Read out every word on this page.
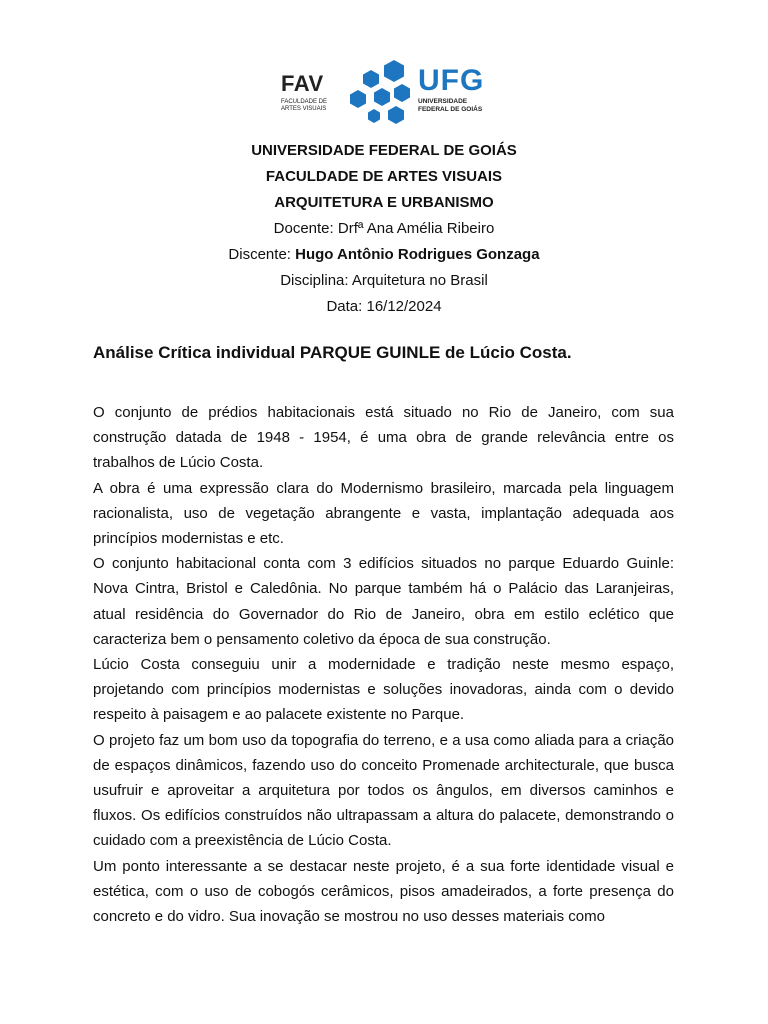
FAV
FACULDADE DE
ARTES VISUAIS
UFG
UNIVERSIDADE
FEDERAL DE GOIÁS
UNIVERSIDADE FEDERAL DE GOIÁS
FACULDADE DE ARTES VISUAIS
ARQUITETURA E URBANISMO
Docente: Drfª Ana Amélia Ribeiro
Discente: Hugo Antônio Rodrigues Gonzaga
Disciplina: Arquitetura no Brasil
Data: 16/12/2024
Análise Crítica individual PARQUE GUINLE de Lúcio Costa.

O conjunto de prédios habitacionais está situado no Rio de Janeiro, com sua construção datada de 1948 - 1954, é uma obra de grande relevância entre os trabalhos de Lúcio Costa.

A obra é uma expressão clara do Modernismo brasileiro, marcada pela linguagem racionalista, uso de vegetação abrangente e vasta, implantação adequada aos princípios modernistas e etc.

O conjunto habitacional conta com 3 edifícios situados no parque Eduardo Guinle: Nova Cintra, Bristol e Caledônia. No parque também há o Palácio das Laranjeiras, atual residência do Governador do Rio de Janeiro, obra em estilo eclético que caracteriza bem o pensamento coletivo da época de sua construção.

Lúcio Costa conseguiu unir a modernidade e tradição neste mesmo espaço, projetando com princípios modernistas e soluções inovadoras, ainda com o devido respeito à paisagem e ao palacete existente no Parque.

O projeto faz um bom uso da topografia do terreno, e a usa como aliada para a criação de espaços dinâmicos, fazendo uso do conceito Promenade architecturale, que busca usufruir e aproveitar a arquitetura por todos os ângulos, em diversos caminhos e fluxos. Os edifícios construídos não ultrapassam a altura do palacete, demonstrando o cuidado com a preexistência de Lúcio Costa.

Um ponto interessante a se destacar neste projeto, é a sua forte identidade visual e estética, com o uso de cobogós cerâmicos, pisos amadeirados, a forte presença do concreto e do vidro. Sua inovação se mostrou no uso desses materiais como
